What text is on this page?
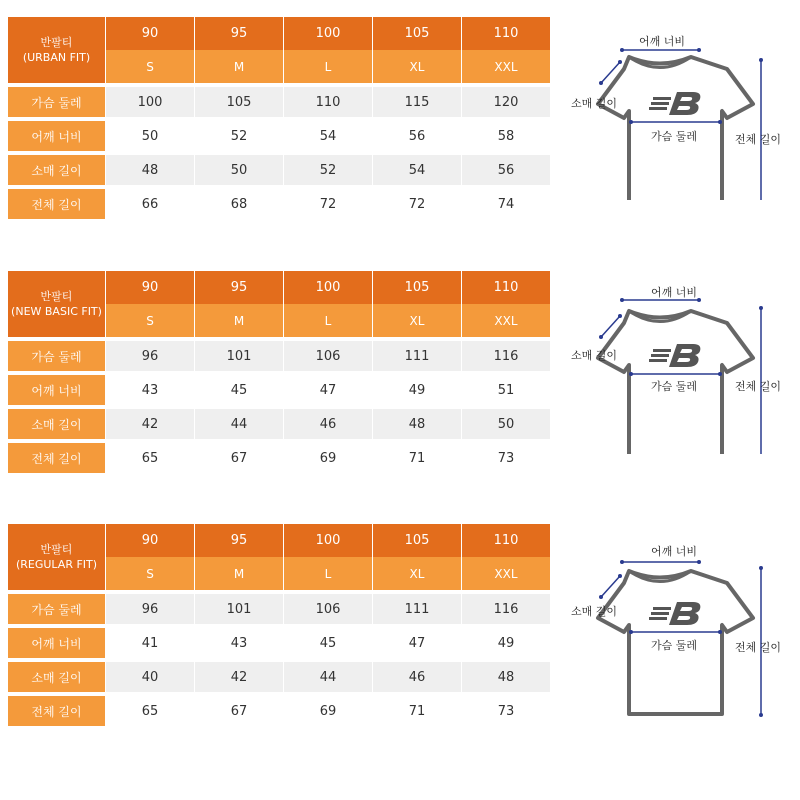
반팔티
(URBAN FIT)	90	95	100	105	110
	S	M	L	XL	XXL

가슴 둘레	100	105	110	115	120

어깨 너비	50	52	54	56	58

소매 길이	48	50	52	54	56

전체 길이	66	68	72	72	74
어깨 너비
소매 길이
가슴 둘레	전체 길이
반팔티
(NEW BASIC FIT)	90	95	100	105	110
	S	M	L	XL	XXL

가슴 둘레	96	101	106	111	116

어깨 너비	43	45	47	49	51

소매 길이	42	44	46	48	50

전체 길이	65	67	69	71	73
어깨 너비
소매 길이
가슴 둘레	전체 길이
반팔티
(REGULAR FIT)	90	95	100	105	110
	S	M	L	XL	XXL

가슴 둘레	96	101	106	111	116

어깨 너비	41	43	45	47	49

소매 길이	40	42	44	46	48

전체 길이	65	67	69	71	73
어깨 너비
소매 길이
가슴 둘레	전체 길이
